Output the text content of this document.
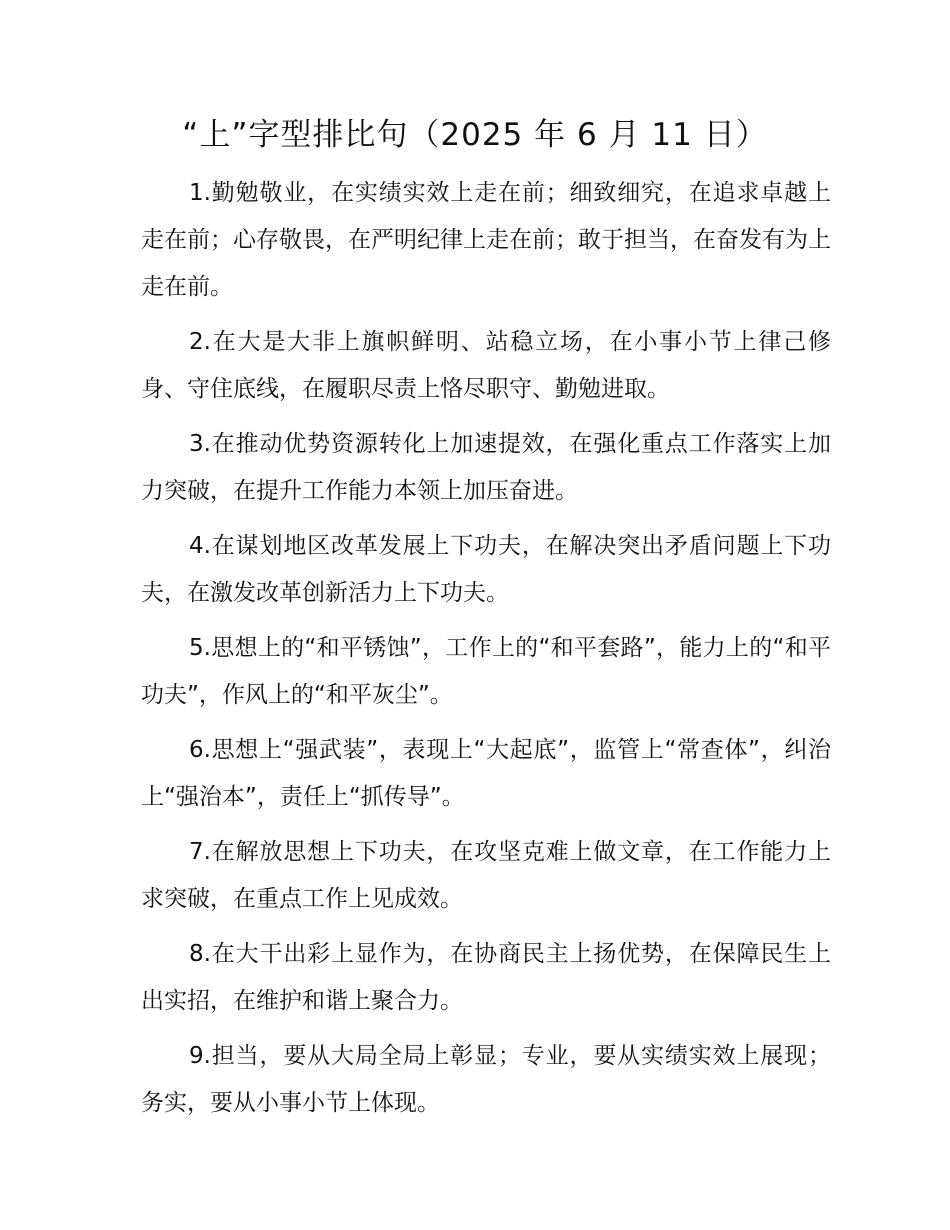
“上”字型排比句（2025 年 6 月 11 日）

1.勤勉敬业，在实绩实效上走在前；细致细究，在追求卓越上走在前；心存敬畏，在严明纪律上走在前；敢于担当，在奋发有为上走在前。

2.在大是大非上旗帜鲜明、站稳立场，在小事小节上律己修身、守住底线，在履职尽责上恪尽职守、勤勉进取。

3.在推动优势资源转化上加速提效，在强化重点工作落实上加力突破，在提升工作能力本领上加压奋进。

4.在谋划地区改革发展上下功夫，在解决突出矛盾问题上下功夫，在激发改革创新活力上下功夫。

5.思想上的“和平锈蚀”，工作上的“和平套路”，能力上的“和平功夫”，作风上的“和平灰尘”。

6.思想上“强武装”，表现上“大起底”，监管上“常查体”，纠治上“强治本”，责任上“抓传导”。

7.在解放思想上下功夫，在攻坚克难上做文章，在工作能力上求突破，在重点工作上见成效。

8.在大干出彩上显作为，在协商民主上扬优势，在保障民生上出实招，在维护和谐上聚合力。

9.担当，要从大局全局上彰显；专业，要从实绩实效上展现；务实，要从小事小节上体现。
